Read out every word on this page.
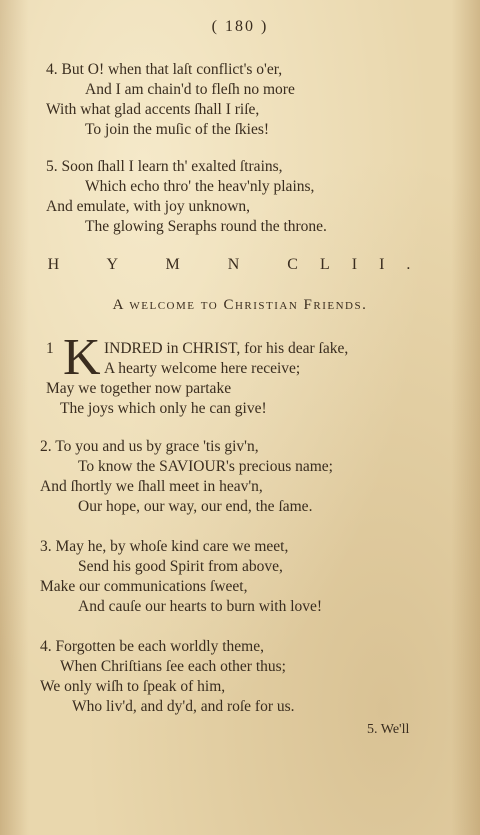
( 180 )
4. But O! when that laſt conflict's o'er,
And I am chain'd to fleſh no more
With what glad accents ſhall I riſe,
To join the muſic of the ſkies!
5. Soon ſhall I learn th' exalted ſtrains,
Which echo thro' the heav'nly plains,
And emulate, with joy unknown,
The glowing Seraphs round the throne.
H Y M N CLII.
A welcome to Christian Friends.
1 K INDRED in CHRIST, for his dear ſake,
A hearty welcome here receive;
May we together now partake
The joys which only he can give!
2. To you and us by grace 'tis giv'n,
To know the SAVIOUR's precious name;
And ſhortly we ſhall meet in heav'n,
Our hope, our way, our end, the ſame.
3. May he, by whoſe kind care we meet,
Send his good Spirit from above,
Make our communications ſweet,
And cauſe our hearts to burn with love!
4. Forgotten be each worldly theme,
When Chriſtians ſee each other thus;
We only wiſh to ſpeak of him,
Who liv'd, and dy'd, and roſe for us.
5. We'll
